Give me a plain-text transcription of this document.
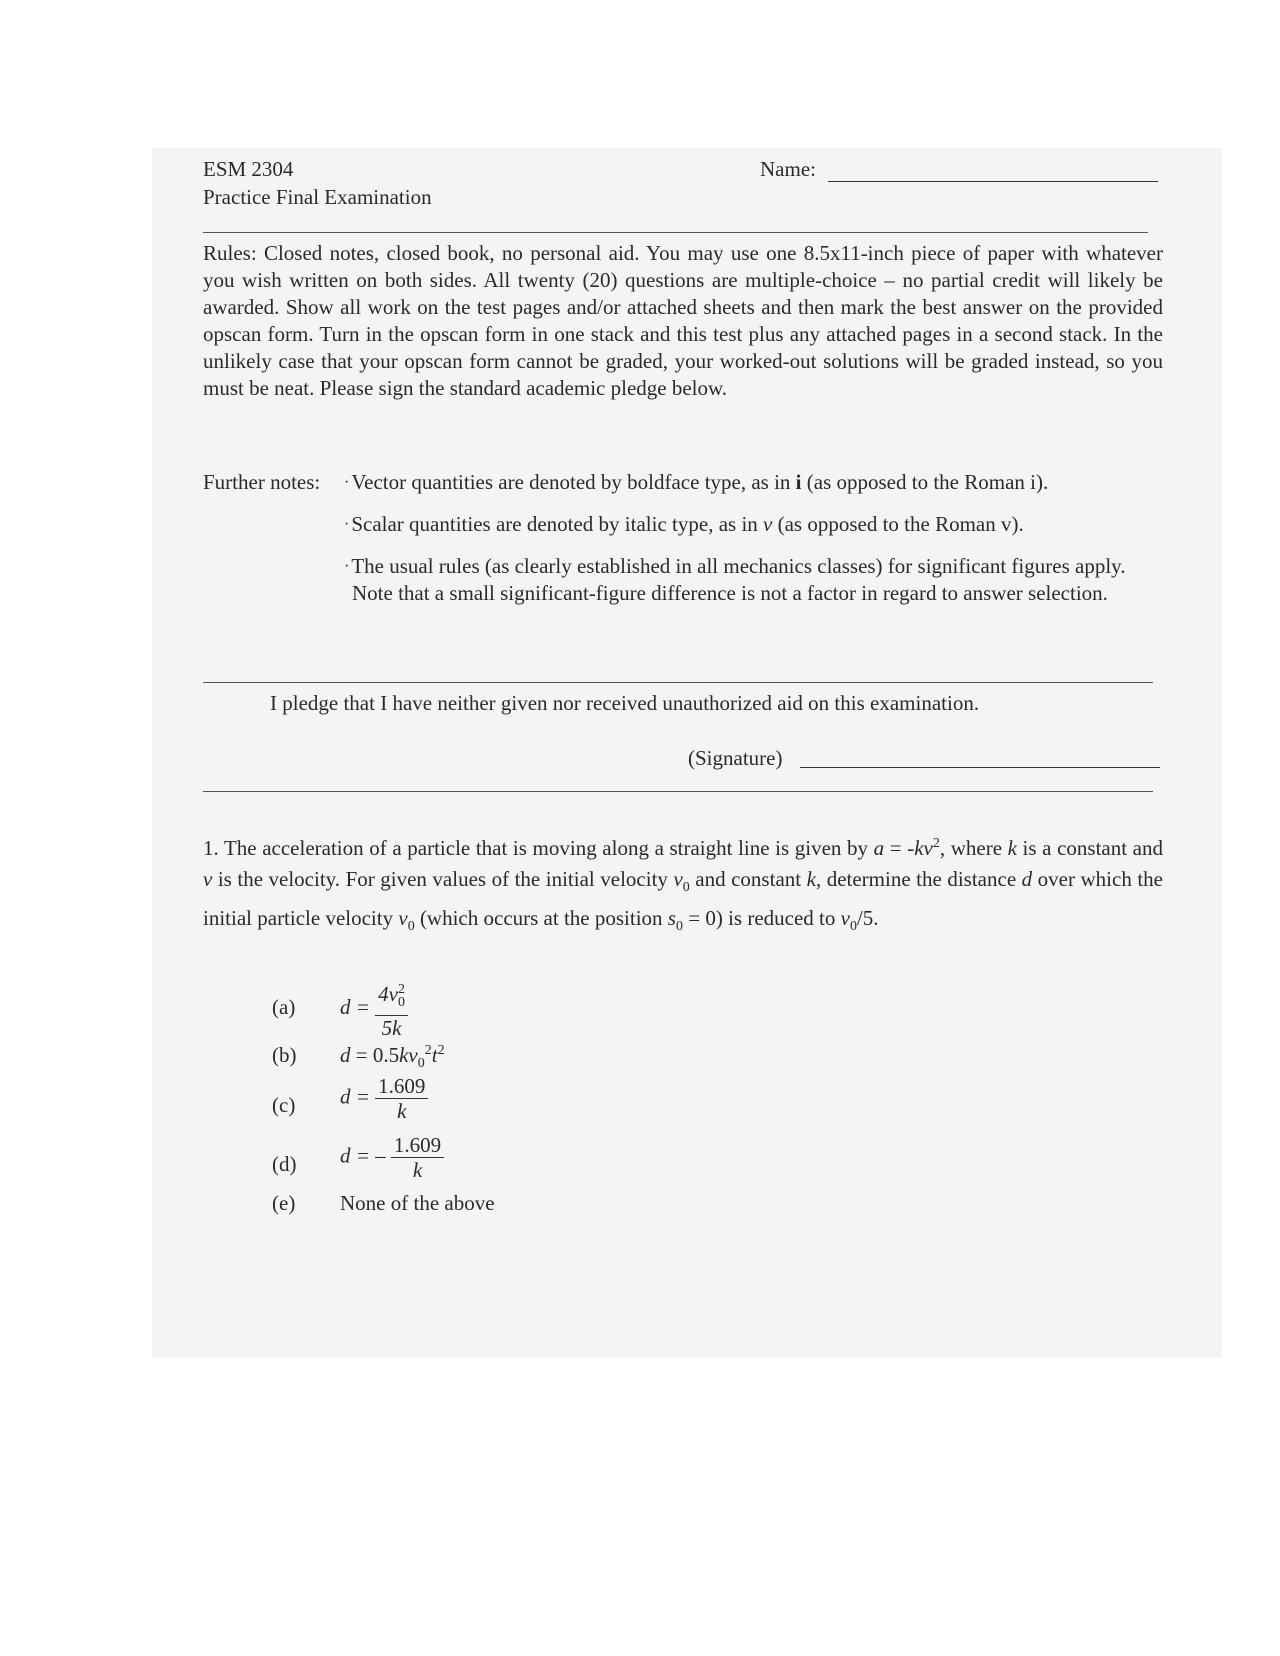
ESM 2304
Practice Final Examination
Name:
Rules: Closed notes, closed book, no personal aid. You may use one 8.5x11-inch piece of paper with whatever you wish written on both sides. All twenty (20) questions are multiple-choice – no partial credit will likely be awarded. Show all work on the test pages and/or attached sheets and then mark the best answer on the provided opscan form. Turn in the opscan form in one stack and this test plus any attached pages in a second stack. In the unlikely case that your opscan form cannot be graded, your worked-out solutions will be graded instead, so you must be neat. Please sign the standard academic pledge below.
Further notes: ·Vector quantities are denoted by boldface type, as in i (as opposed to the Roman i).
·Scalar quantities are denoted by italic type, as in v (as opposed to the Roman v).
·The usual rules (as clearly established in all mechanics classes) for significant figures apply. Note that a small significant-figure difference is not a factor in regard to answer selection.
I pledge that I have neither given nor received unauthorized aid on this examination.
(Signature)
1. The acceleration of a particle that is moving along a straight line is given by $a = -kv^2$, where k is a constant and v is the velocity. For given values of the initial velocity $v_0$ and constant k, determine the distance d over which the initial particle velocity $v_0$ (which occurs at the position $s_0 = 0$) is reduced to $v_0/5$.
(a) $d = \frac{4v^2_0}{5k}$
(b) $d = 0.5kv_0^2t^2$
(c) $d = \frac{1.609}{k}$
(d) d = – $\frac{1.609}{k}$
(e) None of the above
